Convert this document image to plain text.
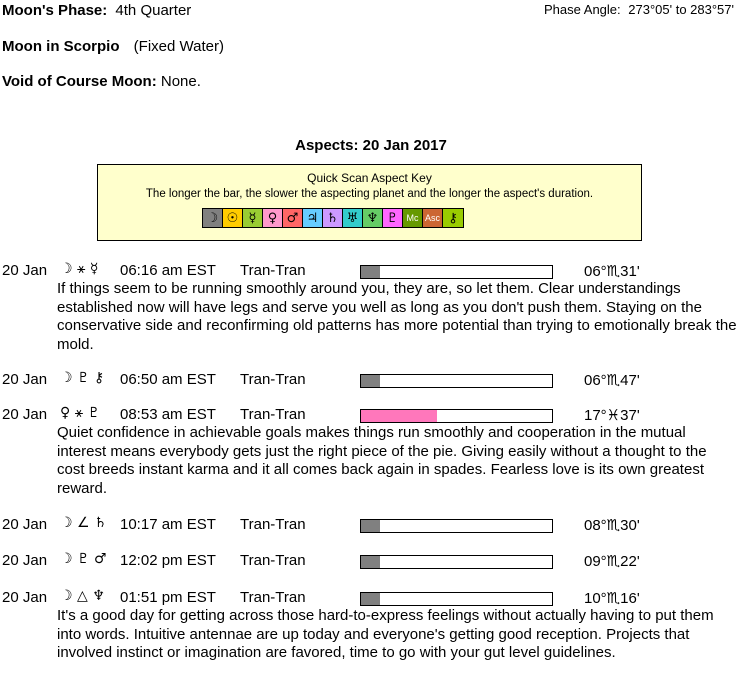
Moon's Phase: 4th Quarter	Phase Angle: 273°05' to 283°57'
Moon in Scorpio (Fixed Water)
Void of Course Moon: None.
Aspects: 20 Jan 2017
Quick Scan Aspect Key
The longer the bar, the slower the aspecting planet and the longer the aspect's duration.
☽ ☉ ☿ ♀ ♂ ♃ ♄ ♅ ♆ ♇ Mc Asc ⚷
20 Jan ☽ ⚹ ☿ 06:16 am EST Tran-Tran	06°♏31'
If things seem to be running smoothly around you, they are, so let them. Clear understandings established now will have legs and serve you well as long as you don't push them. Staying on the conservative side and reconfirming old patterns has more potential than trying to emotionally break the mold.
20 Jan ☽ ♇ ⚷ 06:50 am EST Tran-Tran	06°♏47'
20 Jan ♀ ⚹ ♇ 08:53 am EST Tran-Tran	17°♓37'
Quiet confidence in achievable goals makes things run smoothly and cooperation in the mutual interest means everybody gets just the right piece of the pie. Giving easily without a thought to the cost breeds instant karma and it all comes back again in spades. Fearless love is its own greatest reward.
20 Jan ☽ ∠ ♄ 10:17 am EST Tran-Tran	08°♏30'
20 Jan ☽ ♇ ♂ 12:02 pm EST Tran-Tran	09°♏22'
20 Jan ☽ △ ♆ 01:51 pm EST Tran-Tran	10°♏16'
It's a good day for getting across those hard-to-express feelings without actually having to put them into words. Intuitive antennae are up today and everyone's getting good reception. Projects that involved instinct or imagination are favored, time to go with your gut level guidelines.
